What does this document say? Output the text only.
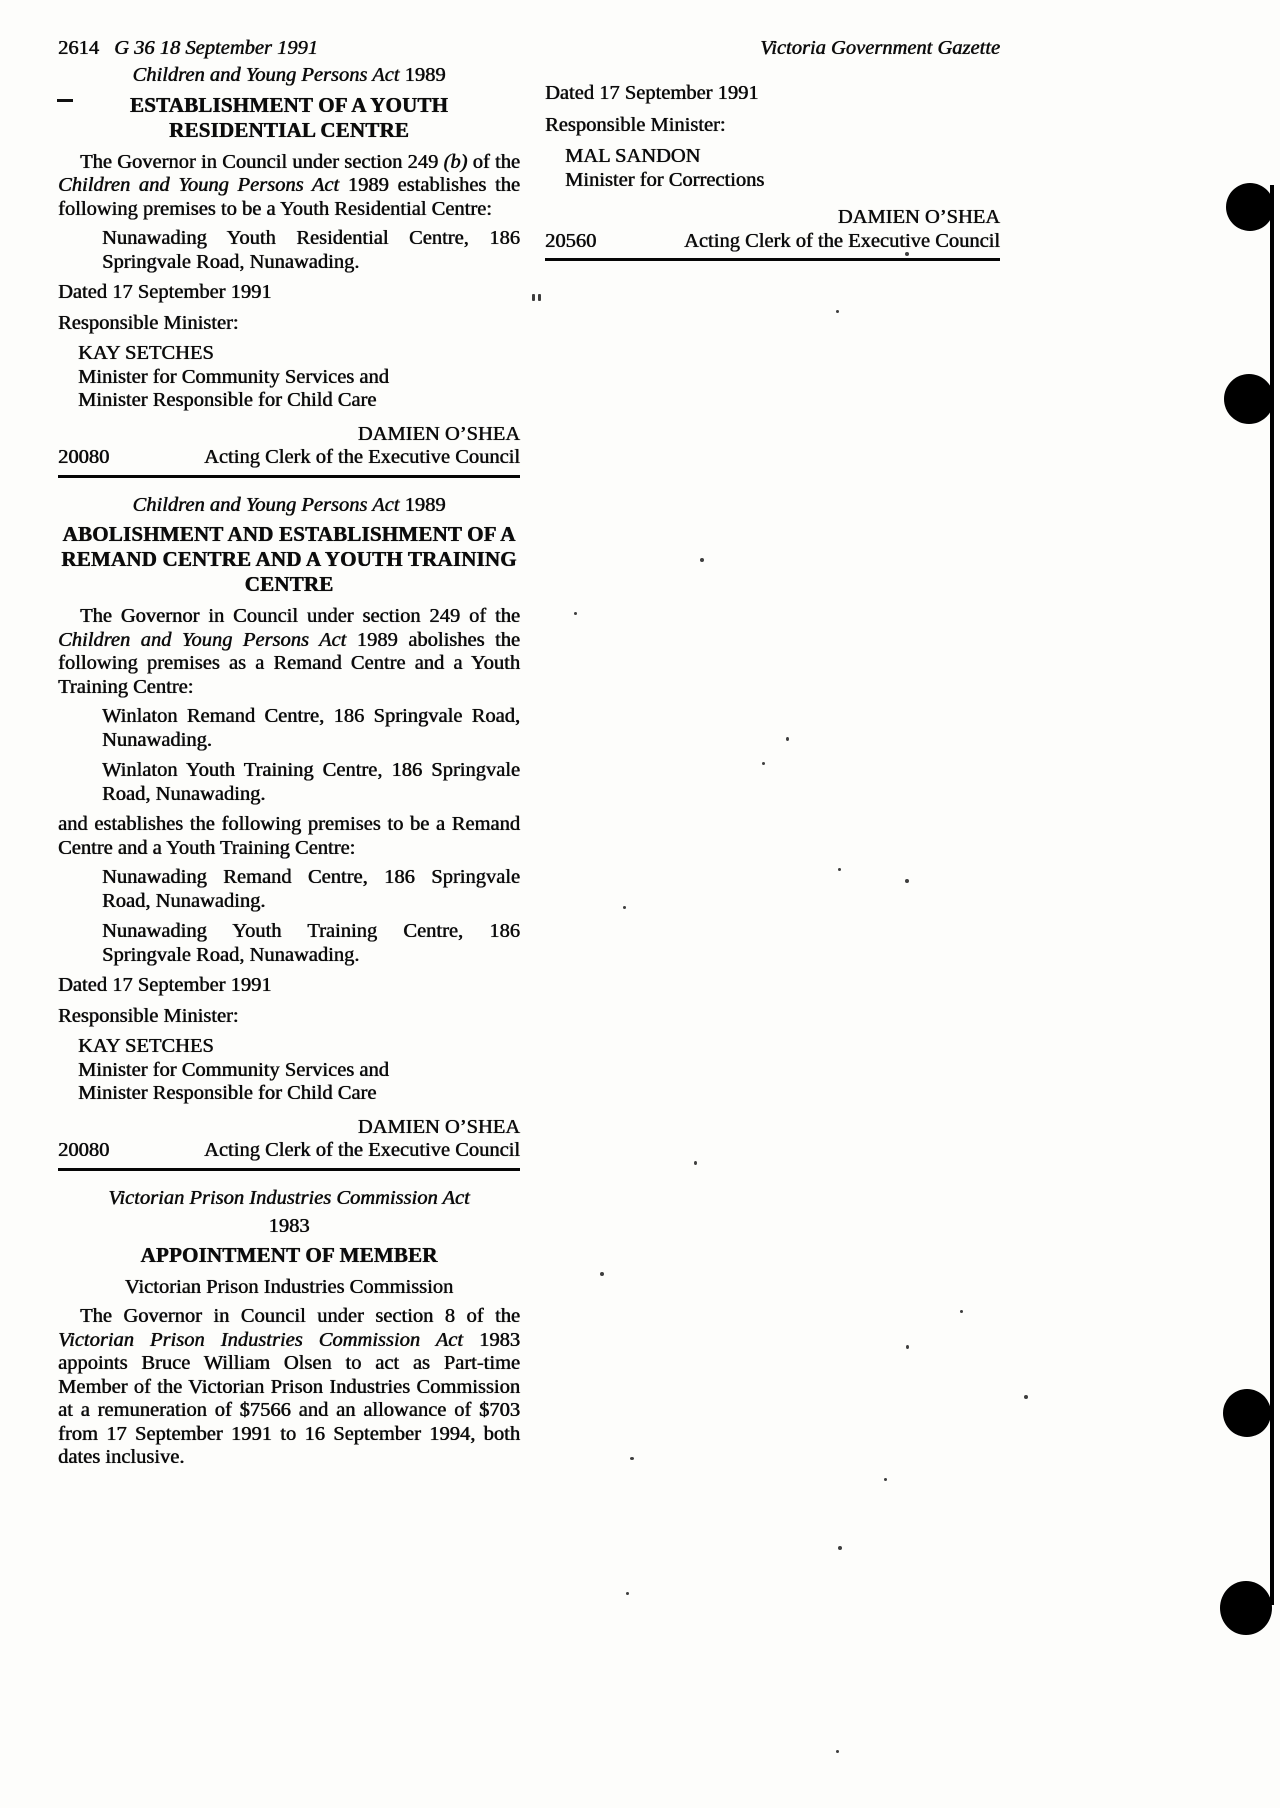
2614 G 36 18 September 1991	Victoria Government Gazette
Children and Young Persons Act 1989
ESTABLISHMENT OF A YOUTH RESIDENTIAL CENTRE

The Governor in Council under section 249 (b) of the Children and Young Persons Act 1989 establishes the following premises to be a Youth Residential Centre:

Nunawading Youth Residential Centre, 186 Springvale Road, Nunawading.
Dated 17 September 1991
Responsible Minister:
KAY SETCHES
Minister for Community Services and
Minister Responsible for Child Care
DAMIEN O’SHEA
20080	Acting Clerk of the Executive Council
Children and Young Persons Act 1989
ABOLISHMENT AND ESTABLISHMENT OF A REMAND CENTRE AND A YOUTH TRAINING CENTRE

The Governor in Council under section 249 of the Children and Young Persons Act 1989 abolishes the following premises as a Remand Centre and a Youth Training Centre:

Winlaton Remand Centre, 186 Springvale Road, Nunawading.
Winlaton Youth Training Centre, 186 Springvale Road, Nunawading.
and establishes the following premises to be a Remand Centre and a Youth Training Centre:
Nunawading Remand Centre, 186 Springvale Road, Nunawading.
Nunawading Youth Training Centre, 186 Springvale Road, Nunawading.
Dated 17 September 1991
Responsible Minister:
KAY SETCHES
Minister for Community Services and
Minister Responsible for Child Care
DAMIEN O’SHEA
20080	Acting Clerk of the Executive Council
Victorian Prison Industries Commission Act
1983
APPOINTMENT OF MEMBER
Victorian Prison Industries Commission

The Governor in Council under section 8 of the Victorian Prison Industries Commission Act 1983 appoints Bruce William Olsen to act as Part-time Member of the Victorian Prison Industries Commission at a remuneration of $7566 and an allowance of $703 from 17 September 1991 to 16 September 1994, both dates inclusive.

Dated 17 September 1991
Responsible Minister:
MAL SANDON
Minister for Corrections
DAMIEN O’SHEA
20560	Acting Clerk of the Executive Council
